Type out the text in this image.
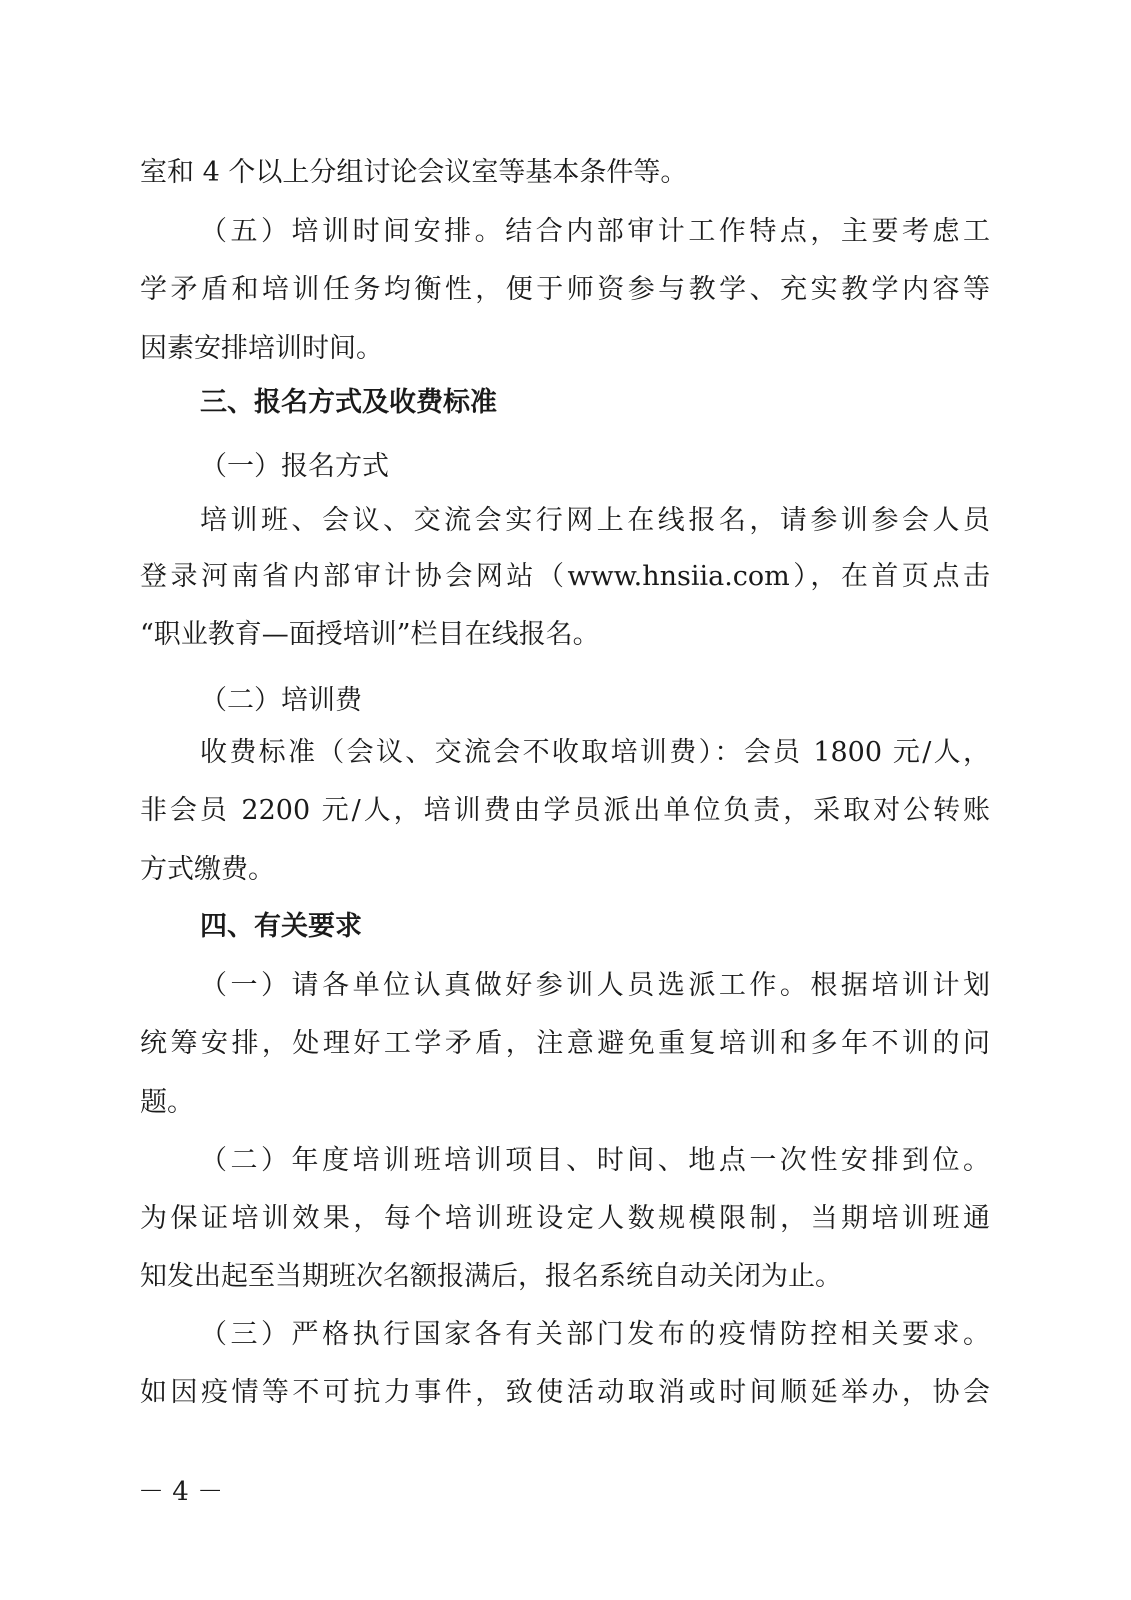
室和 4 个以上分组讨论会议室等基本条件等。
（五）培训时间安排。结合内部审计工作特点，主要考虑工
学矛盾和培训任务均衡性，便于师资参与教学、充实教学内容等
因素安排培训时间。
三、报名方式及收费标准
（一）报名方式
培训班、会议、交流会实行网上在线报名，请参训参会人员
登录河南省内部审计协会网站（www.hnsiia.com），在首页点击
“职业教育—面授培训”栏目在线报名。
（二）培训费
收费标准（会议、交流会不收取培训费）：会员 1800 元/人，
非会员 2200 元/人，培训费由学员派出单位负责，采取对公转账
方式缴费。
四、有关要求
（一）请各单位认真做好参训人员选派工作。根据培训计划
统筹安排，处理好工学矛盾，注意避免重复培训和多年不训的问
题。
（二）年度培训班培训项目、时间、地点一次性安排到位。
为保证培训效果，每个培训班设定人数规模限制，当期培训班通
知发出起至当期班次名额报满后，报名系统自动关闭为止。
（三）严格执行国家各有关部门发布的疫情防控相关要求。
如因疫情等不可抗力事件，致使活动取消或时间顺延举办，协会
－ 4 －
